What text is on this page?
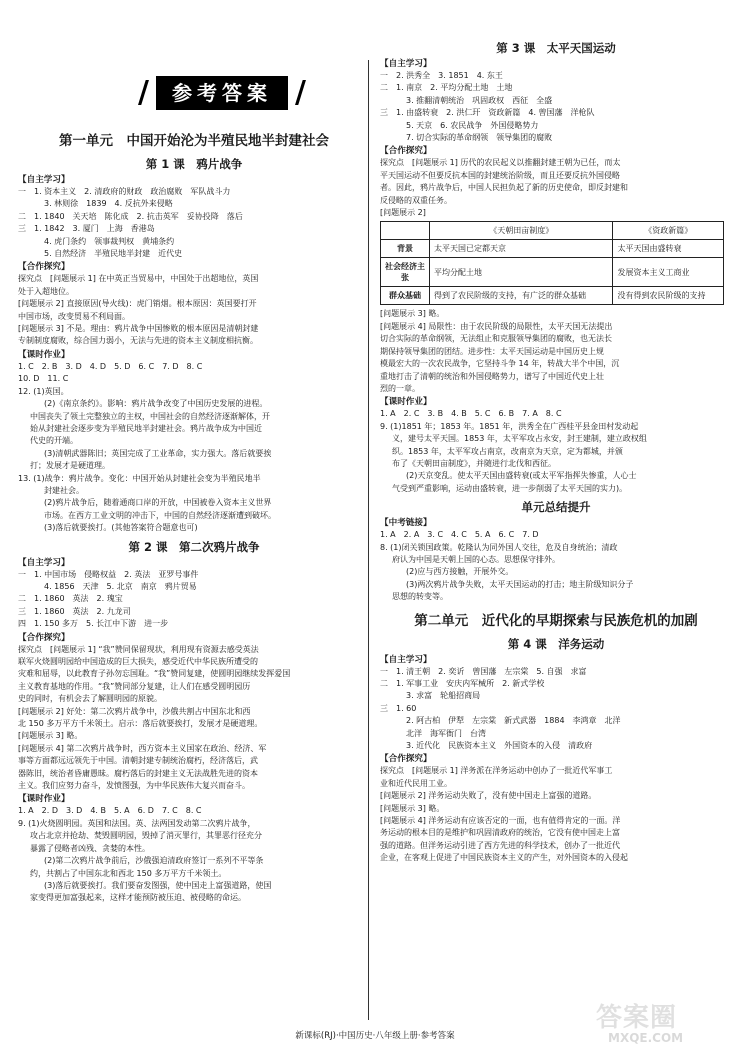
/	参考答案 /
第一单元　中国开始沦为半殖民地半封建社会
第 1 课　鸦片战争
【自主学习】
一　1. 资本主义　2. 清政府的财政　政治腐败　军队战斗力
3. 林则徐　1839　4. 反抗外来侵略
二　1. 1840　关天培　陈化成　2. 抗击英军　妥协投降　落后
三　1. 1842　3. 厦门　上海　香港岛
4. 虎门条约　领事裁判权　黄埔条约
5. 自然经济　半殖民地半封建　近代史
【合作探究】
探究点　[问题展示 1] 在中英正当贸易中，中国处于出超地位，英国
处于入超地位。
[问题展示 2] 直接原因(导火线)：虎门销烟。根本原因：英国要打开
中国市场，改变贸易不利局面。
[问题展示 3] 不是。理由：鸦片战争中国惨败的根本原因是清朝封建
专制制度腐败，综合国力弱小，无法与先进的资本主义制度相抗衡。
【课时作业】
1. C　2. B　3. D　4. D　5. D　6. C　7. D　8. C
10. D　11. C
12. (1)英国。
(2)《南京条约》。影响：鸦片战争改变了中国历史发展的进程。
中国丧失了领土完整独立的主权，中国社会的自然经济逐渐解体，开
始从封建社会逐步变为半殖民地半封建社会。鸦片战争成为中国近
代史的开端。
(3)清朝武器陈旧；英国完成了工业革命，实力强大。落后就要挨
打；发展才是硬道理。
13. (1)战争：鸦片战争。变化：中国开始从封建社会变为半殖民地半
封建社会。
(2)鸦片战争后，随着通商口岸的开放，中国被卷入资本主义世界
市场。在西方工业文明的冲击下，中国的自然经济逐渐遭到破坏。
(3)落后就要挨打。(其他答案符合题意也可)
第 2 课　第二次鸦片战争
【自主学习】
一　1. 中国市场　侵略权益　2. 英法　亚罗号事件
4. 1856　天津　5. 北京　南京　鸦片贸易
二　1. 1860　英法　2. 瑰宝
三　1. 1860　英法　2. 九龙司
四　1. 150 多万　5. 长江中下游　进一步
【合作探究】
探究点　[问题展示 1] “我”赞同保留现状，利用现有资源去感受英法
联军火烧圆明园给中国造成的巨大损失，感受近代中华民族所遭受的
灾难和屈辱，以此教育子孙勿忘国耻。“我”赞同复建，使圆明园继续发挥爱国
主义教育基地的作用。“我”赞同部分复建，让人们在感受圆明园历
史的同时，有机会去了解圆明园的原貌。
[问题展示 2] 好处：第二次鸦片战争中，沙俄共割占中国东北和西
北 150 多万平方千米领土。启示：落后就要挨打，发展才是硬道理。
[问题展示 3] 略。
[问题展示 4] 第二次鸦片战争时，西方资本主义国家在政治、经济、军
事等方面都远远领先于中国。清朝封建专制统治腐朽，经济落后，武
器陈旧，统治者昏庸愚昧。腐朽落后的封建主义无法战胜先进的资本
主义。我们应努力奋斗，发愤图强，为中华民族伟大复兴而奋斗。
【课时作业】
1. A　2. D　3. D　4. B　5. A　6. D　7. C　8. C
9. (1)火烧圆明园。英国和法国。英、法两国发动第二次鸦片战争，
攻占北京并抢劫、焚毁圆明园，毁掉了消灭罪行，其罪恶行径充分
暴露了侵略者凶残、贪婪的本性。
(2)第二次鸦片战争前后，沙俄强迫清政府签订一系列不平等条
约，共割占了中国东北和西北 150 多万平方千米领土。
(3)落后就要挨打。我们要奋发图强，使中国走上富强道路，使国
家变得更加富强起来，这样才能预防被压迫、被侵略的命运。
第 3 课　太平天国运动
【自主学习】
一　2. 洪秀全　3. 1851　4. 东王
二　1. 南京　2. 平均分配土地　土地
3. 推翻清朝统治　巩固政权　西征　全盛
三　1. 由盛转衰　2. 洪仁玕　资政新篇　4. 曾国藩　洋枪队
5. 天京　6. 农民战争　外国侵略势力
7. 切合实际的革命纲领　领导集团的腐败
【合作探究】
探究点　[问题展示 1] 历代的农民起义以推翻封建王朝为已任，而太
平天国运动不但要反抗本国的封建统治阶级，而且还要反抗外国侵略
者。因此，鸦片战争后，中国人民担负起了新的历史使命，即反封建和
反侵略的双重任务。
[问题展示 2]
	《天朝田亩制度》	《资政新篇》
背景	太平天国已定都天京	太平天国由盛转衰
社会经济主张	平均分配土地	发展资本主义工商业
群众基础	得到了农民阶级的支持，有广泛的群众基础	没有得到农民阶级的支持
[问题展示 3] 略。
[问题展示 4] 局限性：由于农民阶级的局限性，太平天国无法提出
切合实际的革命纲领，无法组止和克服领导集团的腐败，也无法长
期保持领导集团的团结。进步性：太平天国运动是中国历史上规
模最宏大的一次农民战争，它坚持斗争 14 年，转战大半个中国，沉
重地打击了清朝的统治和外国侵略势力，谱写了中国近代史上壮
烈的一章。
【课时作业】
1. A　2. C　3. B　4. B　5. C　6. B　7. A　8. C
9. (1)1851 年；1853 年。1851 年，洪秀全在广西桂平县金田村发动起
义，建号太平天国。1853 年，太平军攻占永安，封王建制，建立政权组
织。1853 年，太平军攻占南京，改南京为天京，定为都城，并颁
布了《天朝田亩制度》，并随进行北伐和西征。
(2)天京变乱。使太平天国由盛转衰(或太平军指挥失惨重，人心士
气受到严重影响，运动由盛转衰，进一步削弱了太平天国的实力)。
单元总结提升
【中考链接】
1. A　2. A　3. C　4. C　5. A　6. C　7. D
8. (1)闭关锁国政策。乾隆认为同外国人交往，危及自身统治；清政
府认为中国是天朝上国的心态。思想保守排外。
(2)应与西方接触，开展外交。
(3)两次鸦片战争失败，太平天国运动的打击；地主阶级知识分子
思想的转变等。
第二单元　近代化的早期探索与民族危机的加剧
第 4 课　洋务运动
【自主学习】
一　1. 清王朝　2. 奕䜣　曾国藩　左宗棠　5. 自强　求富
二　1. 军事工业　安庆内军械所　2. 新式学校
3. 求富　轮船招商局
三　1. 60
2. 阿古柏　伊犁　左宗棠　新式武器　1884　李鸿章　北洋
北洋　海军衙门　台湾
3. 近代化　民族资本主义　外国资本的入侵　清政府
【合作探究】
探究点　[问题展示 1] 洋务派在洋务运动中创办了一批近代军事工
业和近代民用工业。
[问题展示 2] 洋务运动失败了，没有使中国走上富强的道路。
[问题展示 3] 略。
[问题展示 4] 洋务运动有应该否定的一面，也有值得肯定的一面。洋
务运动的根本目的是维护和巩固清政府的统治，它没有使中国走上富
强的道路。但洋务运动引进了西方先进的科学技术，创办了一批近代
企业，在客观上促进了中国民族资本主义的产生，对外国资本的入侵起
答案圈
MXQE.COM
新课标(RJ)·中国历史·八年级上册·参考答案
